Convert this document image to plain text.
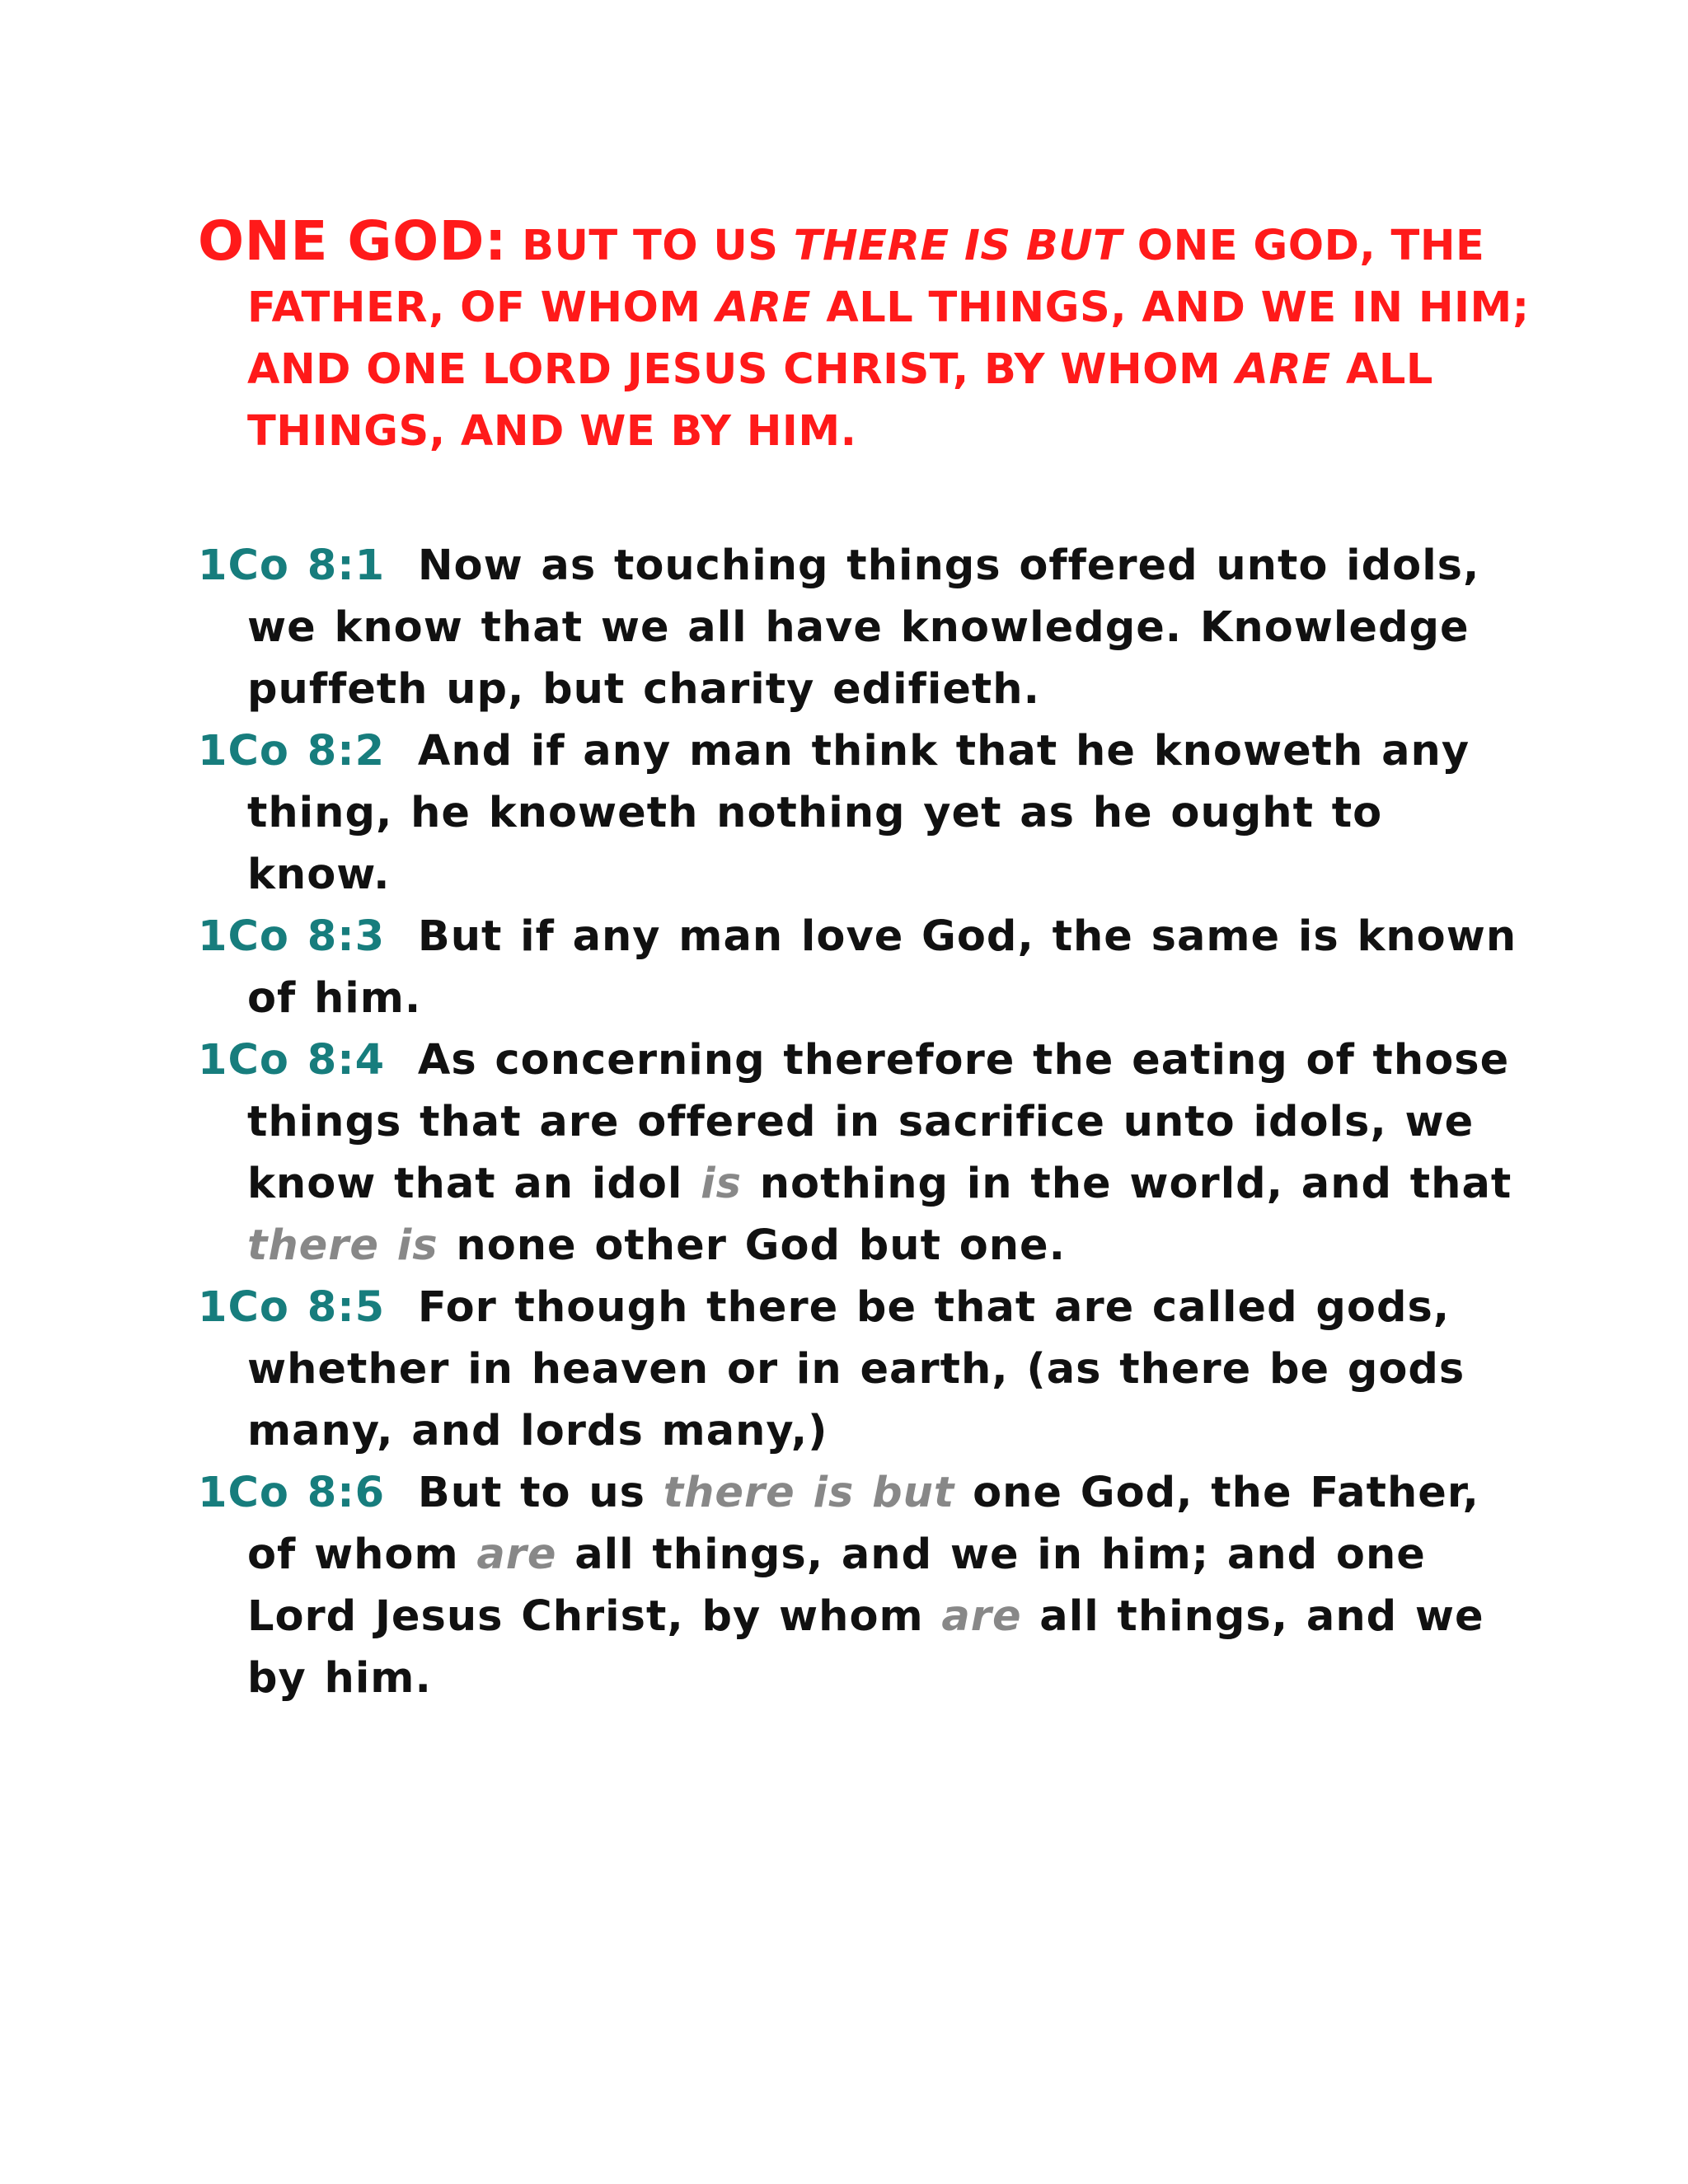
ONE GOD: BUT TO US THERE IS BUT ONE GOD, THE FATHER, OF WHOM ARE ALL THINGS, AND WE IN HIM; AND ONE LORD JESUS CHRIST, BY WHOM ARE ALL THINGS, AND WE BY HIM.

1Co 8:1 Now as touching things offered unto idols, we know that we all have knowledge. Knowledge puffeth up, but charity edifieth.

1Co 8:2 And if any man think that he knoweth any thing, he knoweth nothing yet as he ought to know.

1Co 8:3 But if any man love God, the same is known of him.

1Co 8:4 As concerning therefore the eating of those things that are offered in sacrifice unto idols, we know that an idol is nothing in the world, and that there is none other God but one.

1Co 8:5 For though there be that are called gods, whether in heaven or in earth, (as there be gods many, and lords many,)

1Co 8:6 But to us there is but one God, the Father, of whom are all things, and we in him; and one Lord Jesus Christ, by whom are all things, and we by him.
